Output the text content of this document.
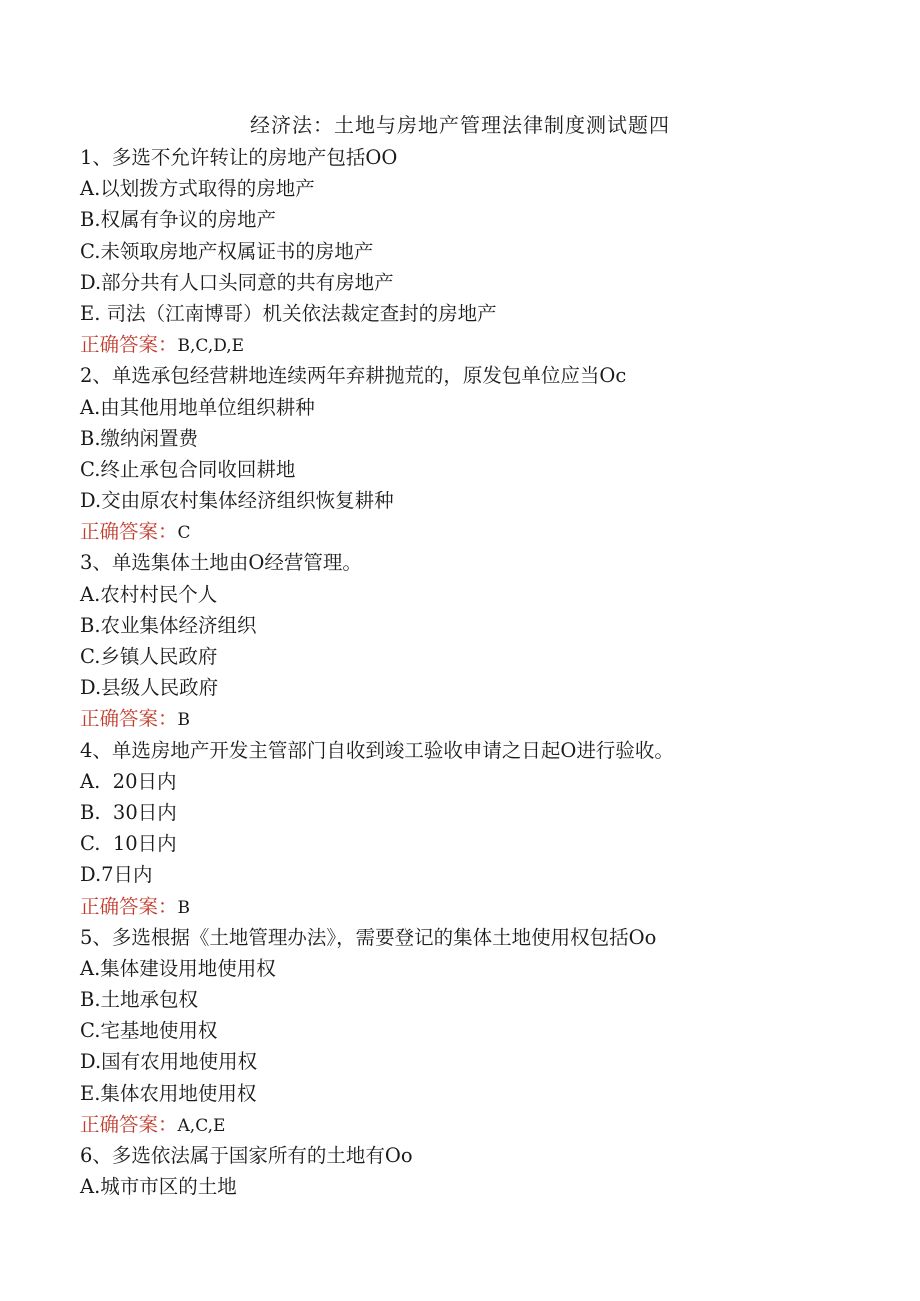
经济法：土地与房地产管理法律制度测试题四
1、多选不允许转让的房地产包括OO
A.以划拨方式取得的房地产
B.权属有争议的房地产
C.未领取房地产权属证书的房地产
D.部分共有人口头同意的共有房地产
E. 司法（江南博哥）机关依法裁定查封的房地产
正确答案：B,C,D,E
2、单选承包经营耕地连续两年弃耕抛荒的，原发包单位应当Oc
A.由其他用地单位组织耕种
B.缴纳闲置费
C.终止承包合同收回耕地
D.交由原农村集体经济组织恢复耕种
正确答案：C
3、单选集体土地由O经营管理。
A.农村村民个人
B.农业集体经济组织
C.乡镇人民政府
D.县级人民政府
正确答案：B
4、单选房地产开发主管部门自收到竣工验收申请之日起O进行验收。
A.  20日内
B.  30日内
C.  10日内
D.7日内
正确答案：B
5、多选根据《土地管理办法》，需要登记的集体土地使用权包括Oo
A.集体建设用地使用权
B.土地承包权
C.宅基地使用权
D.国有农用地使用权
E.集体农用地使用权
正确答案：A,C,E
6、多选依法属于国家所有的土地有Oo
A.城市市区的土地
